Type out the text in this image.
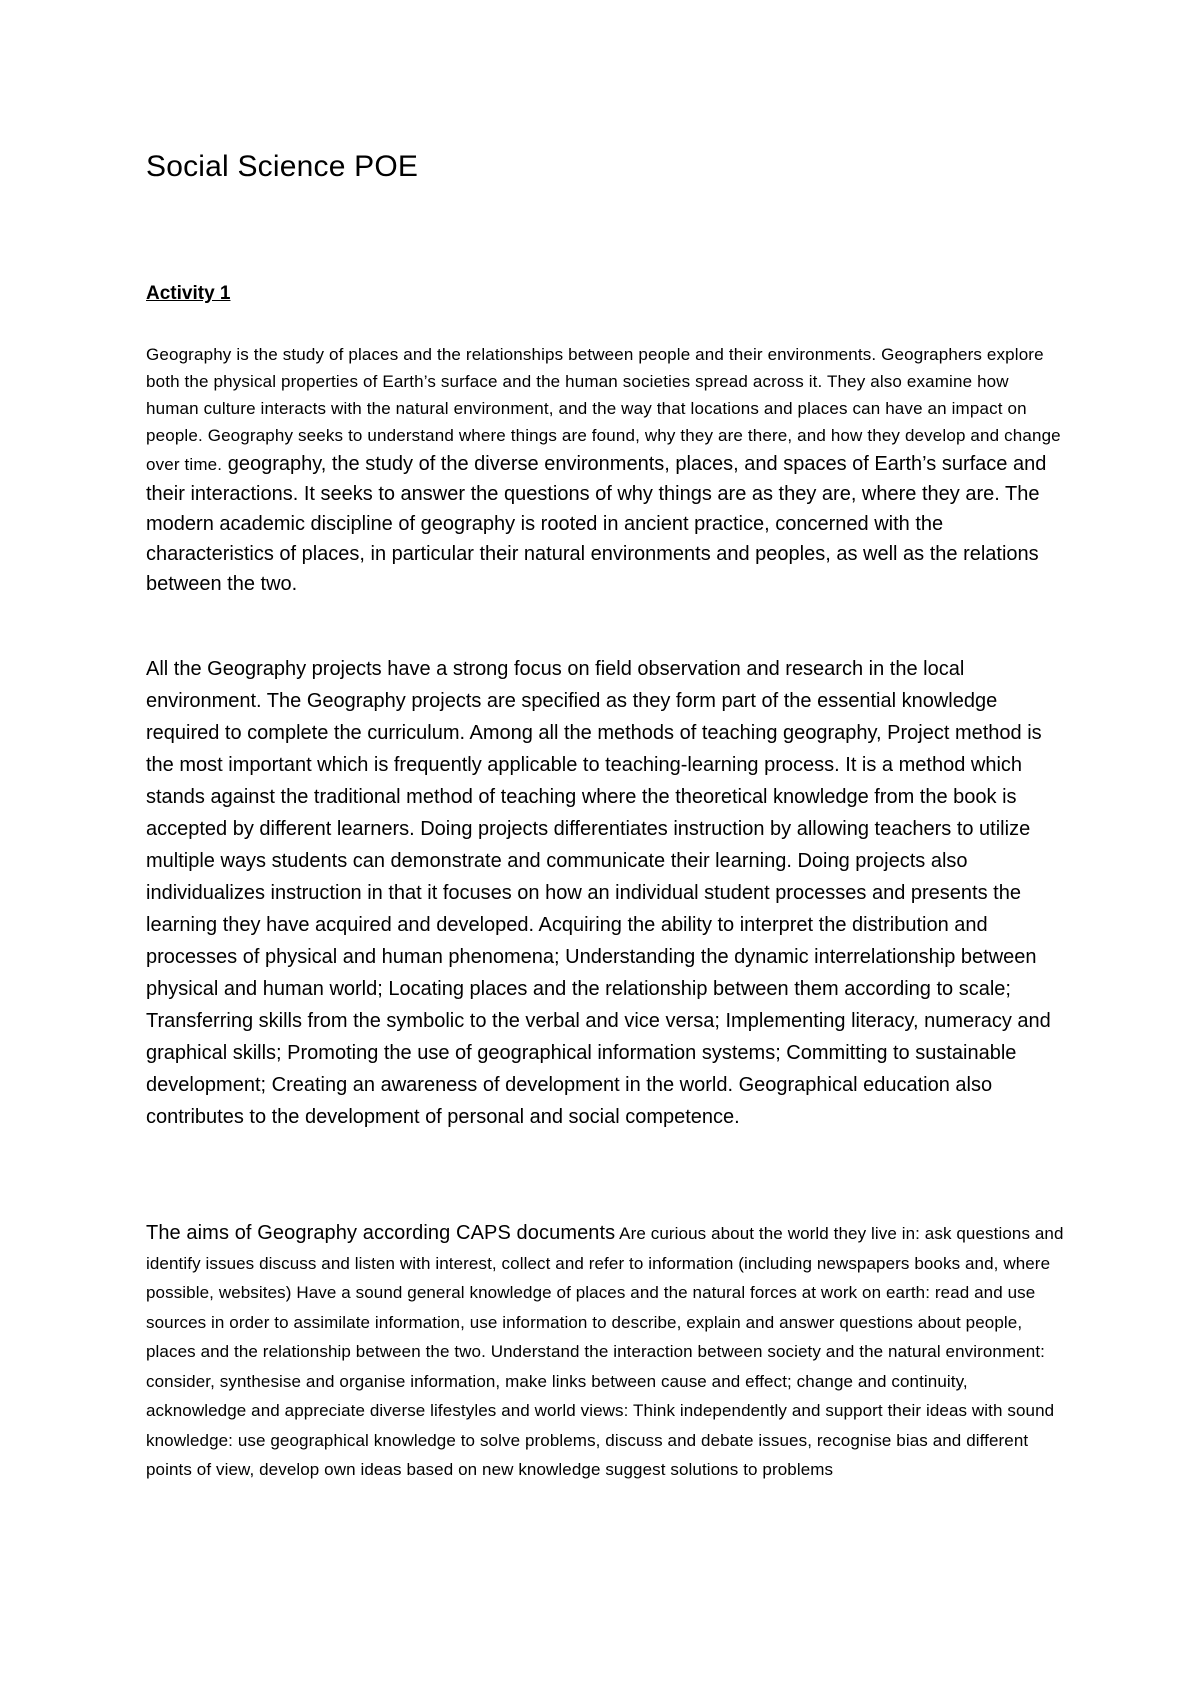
Social Science POE
Activity 1

Geography is the study of places and the relationships between people and their environments. Geographers explore both the physical properties of Earth’s surface and the human societies spread across it. They also examine how human culture interacts with the natural environment, and the way that locations and places can have an impact on people. Geography seeks to understand where things are found, why they are there, and how they develop and change over time. geography, the study of the diverse environments, places, and spaces of Earth’s surface and their interactions. It seeks to answer the questions of why things are as they are, where they are. The modern academic discipline of geography is rooted in ancient practice, concerned with the characteristics of places, in particular their natural environments and peoples, as well as the relations between the two.

All the Geography projects have a strong focus on field observation and research in the local environment. The Geography projects are specified as they form part of the essential knowledge required to complete the curriculum. Among all the methods of teaching geography, Project method is the most important which is frequently applicable to teaching-learning process. It is a method which stands against the traditional method of teaching where the theoretical knowledge from the book is accepted by different learners. Doing projects differentiates instruction by allowing teachers to utilize multiple ways students can demonstrate and communicate their learning. Doing projects also individualizes instruction in that it focuses on how an individual student processes and presents the learning they have acquired and developed. Acquiring the ability to interpret the distribution and processes of physical and human phenomena; Understanding the dynamic interrelationship between physical and human world; Locating places and the relationship between them according to scale; Transferring skills from the symbolic to the verbal and vice versa; Implementing literacy, numeracy and graphical skills; Promoting the use of geographical information systems; Committing to sustainable development; Creating an awareness of development in the world. Geographical education also contributes to the development of personal and social competence.

The aims of Geography according CAPS documents Are curious about the world they live in: ask questions and identify issues discuss and listen with interest, collect and refer to information (including newspapers books and, where possible, websites) Have a sound general knowledge of places and the natural forces at work on earth: read and use sources in order to assimilate information, use information to describe, explain and answer questions about people, places and the relationship between the two. Understand the interaction between society and the natural environment: consider, synthesise and organise information, make links between cause and effect; change and continuity, acknowledge and appreciate diverse lifestyles and world views: Think independently and support their ideas with sound knowledge: use geographical knowledge to solve problems, discuss and debate issues, recognise bias and different points of view, develop own ideas based on new knowledge suggest solutions to problems
